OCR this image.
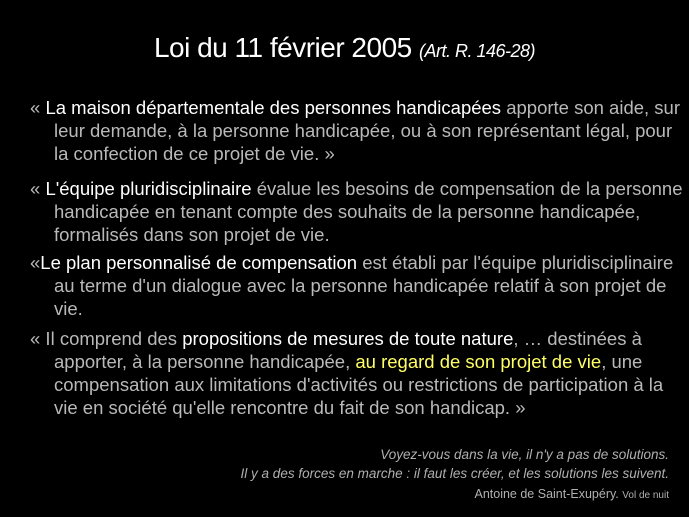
Loi du 11 février 2005 (Art. R. 146-28)

« La maison départementale des personnes handicapées apporte son aide, sur leur demande, à la personne handicapée, ou à son représentant légal, pour la confection de ce projet de vie. »

« L'équipe pluridisciplinaire évalue les besoins de compensation de la personne handicapée en tenant compte des souhaits de la personne handicapée, formalisés dans son projet de vie.

«Le plan personnalisé de compensation est établi par l'équipe pluridisciplinaire au terme d'un dialogue avec la personne handicapée relatif à son projet de vie.

« Il comprend des propositions de mesures de toute nature, … destinées à apporter, à la personne handicapée, au regard de son projet de vie, une compensation aux limitations d'activités ou restrictions de participation à la vie en société qu'elle rencontre du fait de son handicap. »

Voyez-vous dans la vie, il n'y a pas de solutions.
Il y a des forces en marche : il faut les créer, et les solutions les suivent.
Antoine de Saint-Exupéry. Vol de nuit
